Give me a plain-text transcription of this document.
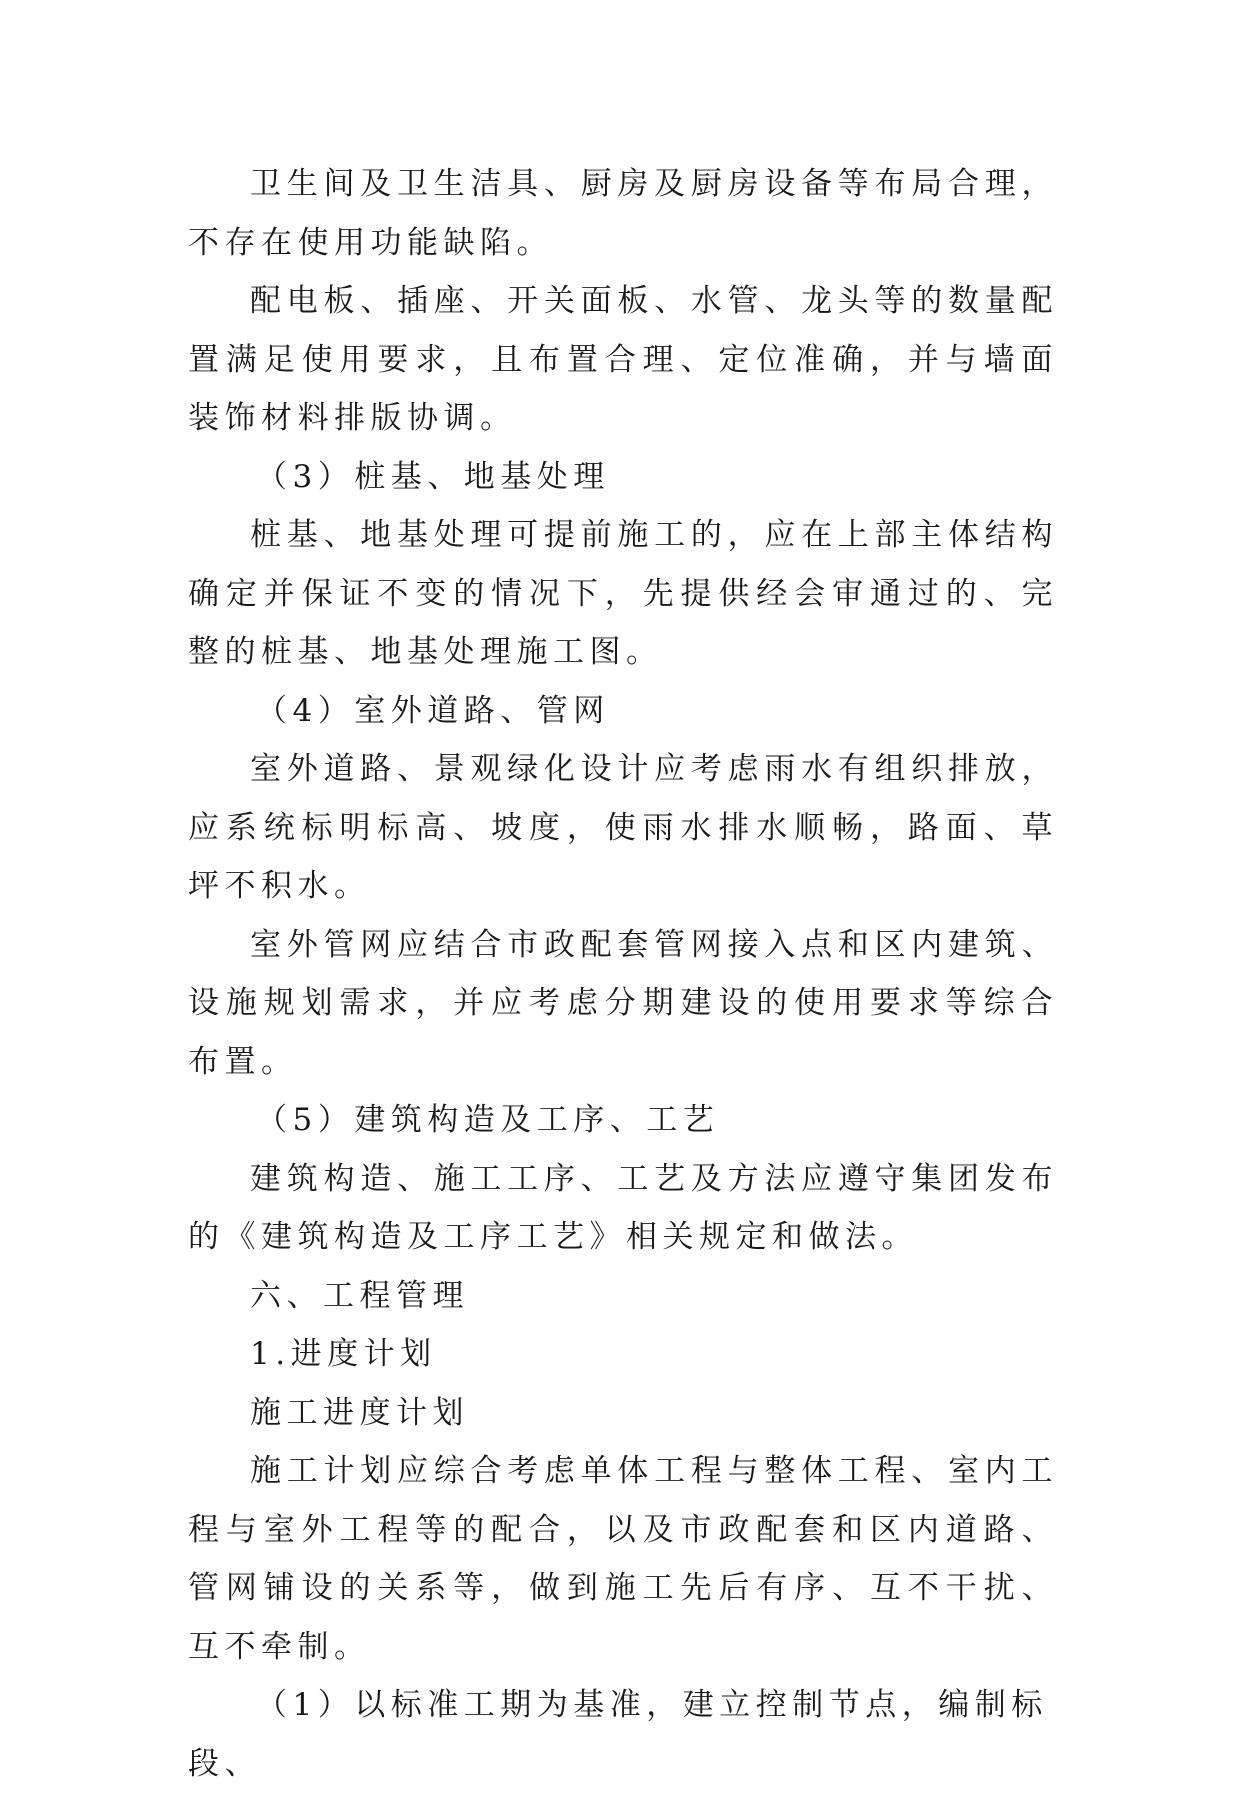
卫生间及卫生洁具、厨房及厨房设备等布局合理，不存在使用功能缺陷。

配电板、插座、开关面板、水管、龙头等的数量配置满足使用要求，且布置合理、定位准确，并与墙面装饰材料排版协调。

（3）桩基、地基处理

桩基、地基处理可提前施工的，应在上部主体结构确定并保证不变的情况下，先提供经会审通过的、完整的桩基、地基处理施工图。

（4）室外道路、管网

室外道路、景观绿化设计应考虑雨水有组织排放，应系统标明标高、坡度，使雨水排水顺畅，路面、草坪不积水。

室外管网应结合市政配套管网接入点和区内建筑、设施规划需求，并应考虑分期建设的使用要求等综合布置。

（5）建筑构造及工序、工艺

建筑构造、施工工序、工艺及方法应遵守集团发布的《建筑构造及工序工艺》相关规定和做法。

六、工程管理

1.进度计划

施工进度计划

施工计划应综合考虑单体工程与整体工程、室内工程与室外工程等的配合，以及市政配套和区内道路、管网铺设的关系等，做到施工先后有序、互不干扰、互不牵制。

（1）以标准工期为基准，建立控制节点，编制标段、
